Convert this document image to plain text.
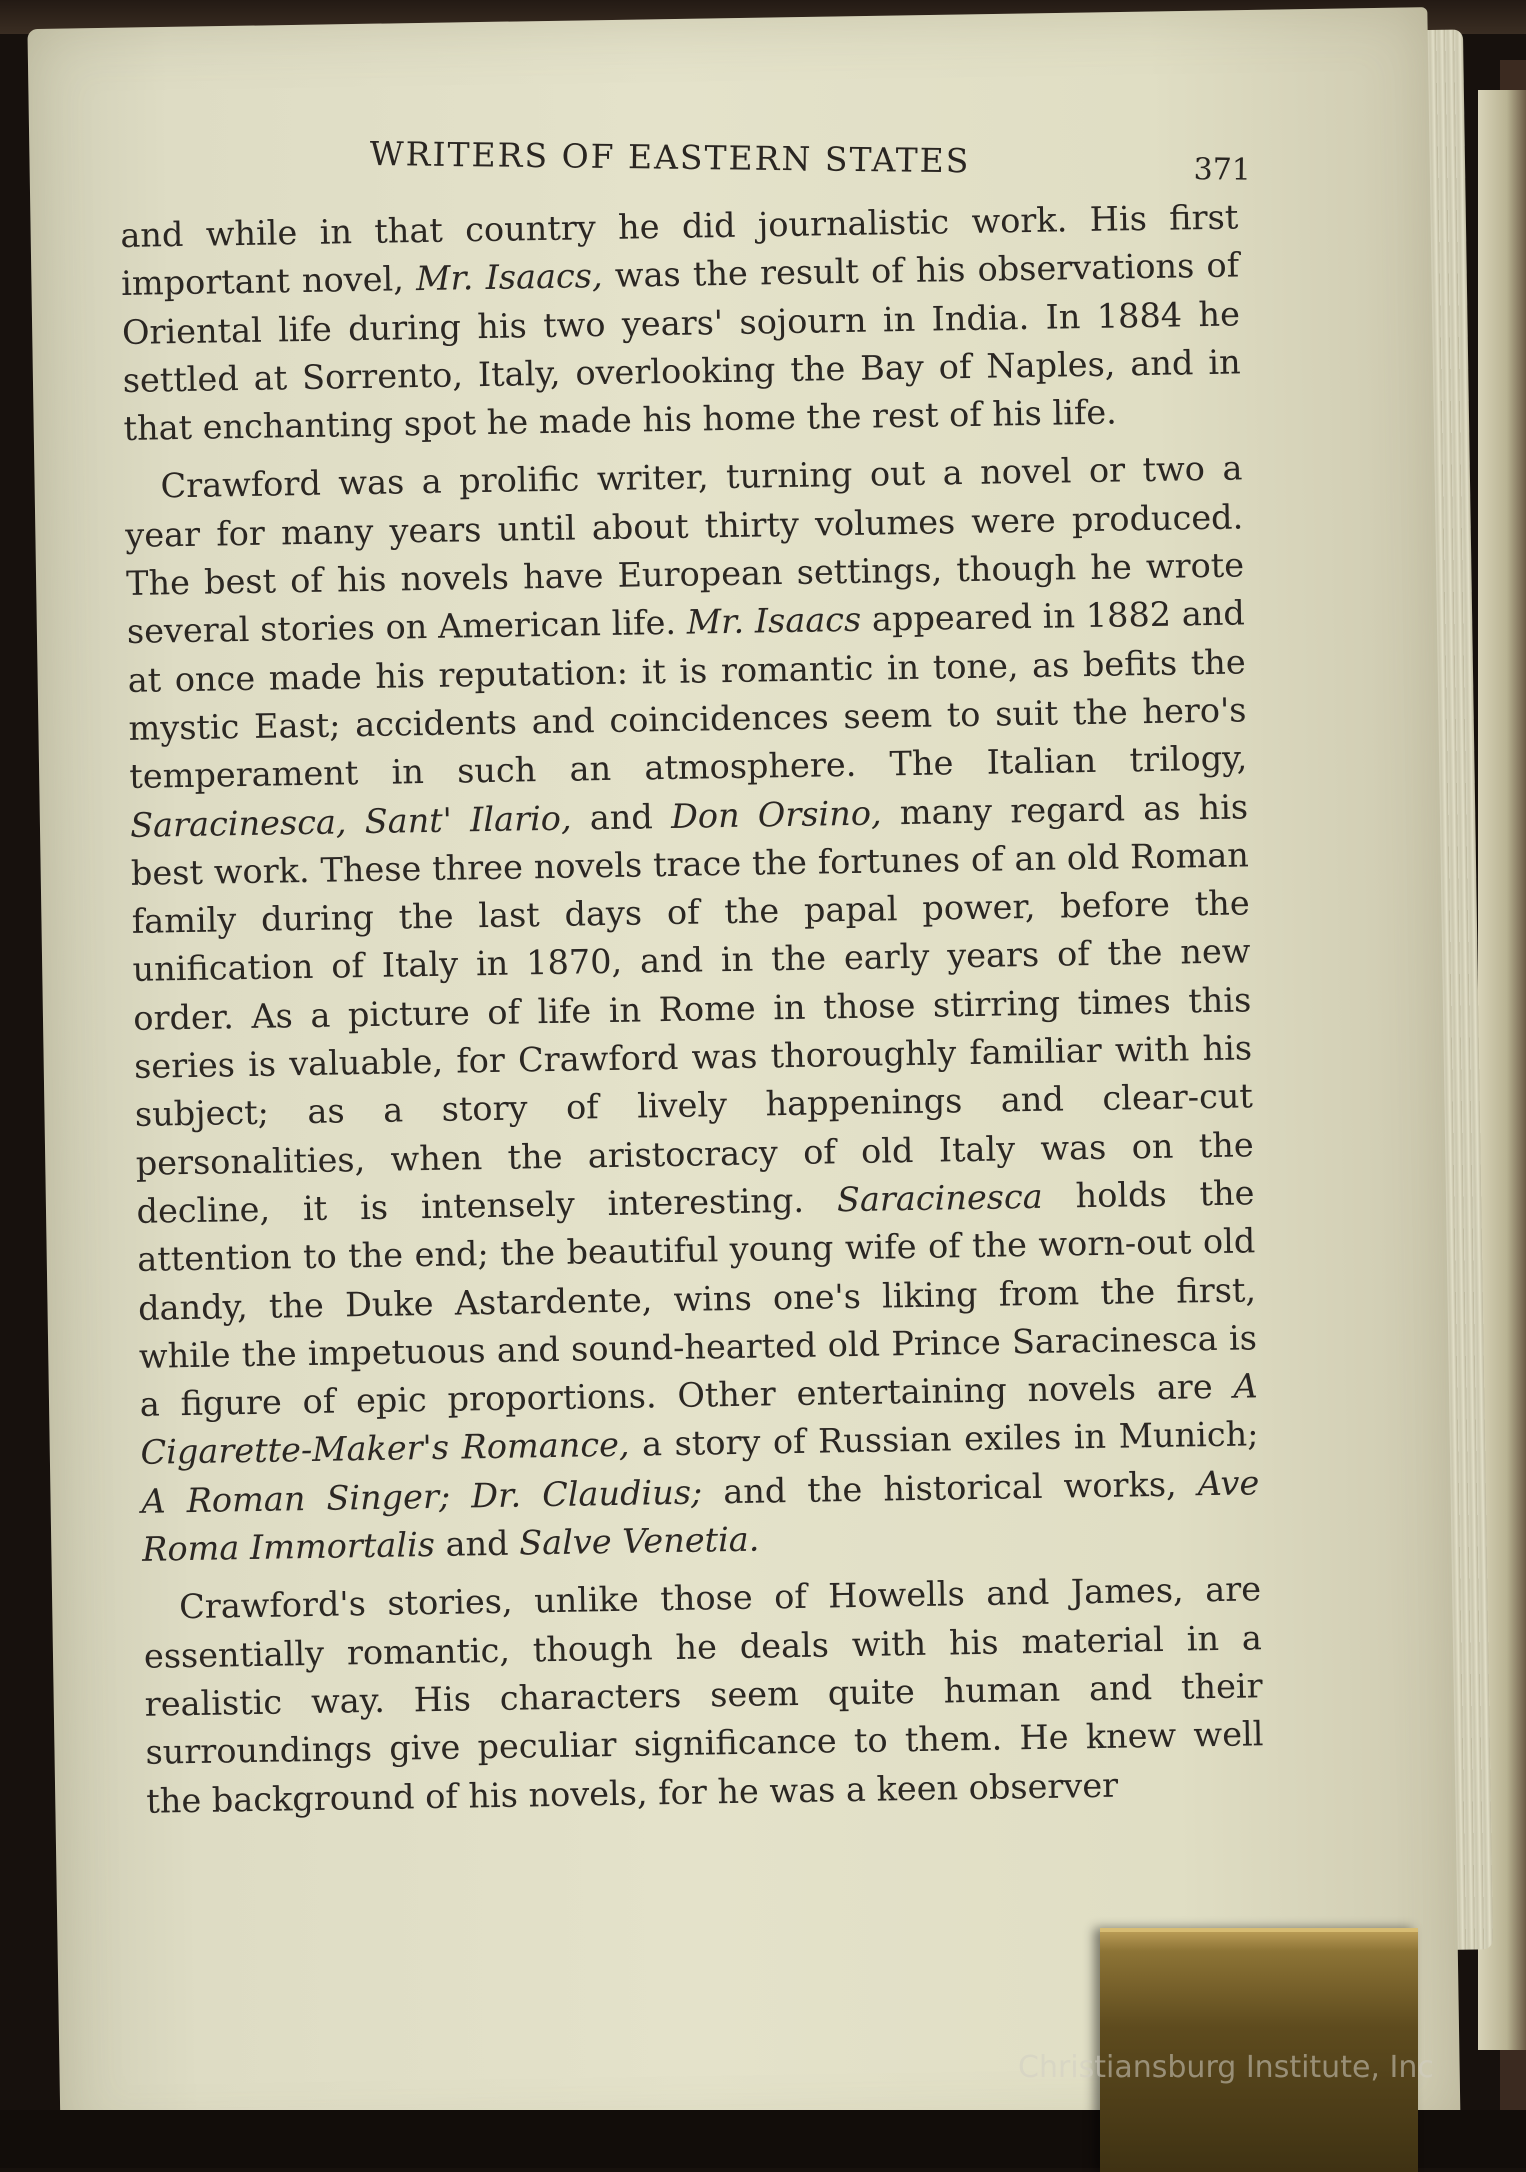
WRITERS OF EASTERN STATES	371

and while in that country he did journalistic work. His first important novel, Mr. Isaacs, was the result of his observations of Oriental life during his two years' sojourn in India. In 1884 he settled at Sorrento, Italy, overlooking the Bay of Naples, and in that enchanting spot he made his home the rest of his life.

Crawford was a prolific writer, turning out a novel or two a year for many years until about thirty volumes were produced. The best of his novels have European settings, though he wrote several stories on American life. Mr. Isaacs appeared in 1882 and at once made his reputation: it is romantic in tone, as befits the mystic East; accidents and coincidences seem to suit the hero's temperament in such an atmosphere. The Italian trilogy, Saracinesca, Sant' Ilario, and Don Orsino, many regard as his best work. These three novels trace the fortunes of an old Roman family during the last days of the papal power, before the unification of Italy in 1870, and in the early years of the new order. As a picture of life in Rome in those stirring times this series is valuable, for Crawford was thoroughly familiar with his subject; as a story of lively happenings and clear-cut personalities, when the aristocracy of old Italy was on the decline, it is intensely interesting. Saracinesca holds the attention to the end; the beautiful young wife of the worn-out old dandy, the Duke Astardente, wins one's liking from the first, while the impetuous and sound-hearted old Prince Saracinesca is a figure of epic proportions. Other entertaining novels are A Cigarette-Maker's Romance, a story of Russian exiles in Munich; A Roman Singer; Dr. Claudius; and the historical works, Ave Roma Immortalis and Salve Venetia.

Crawford's stories, unlike those of Howells and James, are essentially romantic, though he deals with his material in a realistic way. His characters seem quite human and their surroundings give peculiar significance to them. He knew well the background of his novels, for he was a keen observer

Christiansburg Institute, Inc
